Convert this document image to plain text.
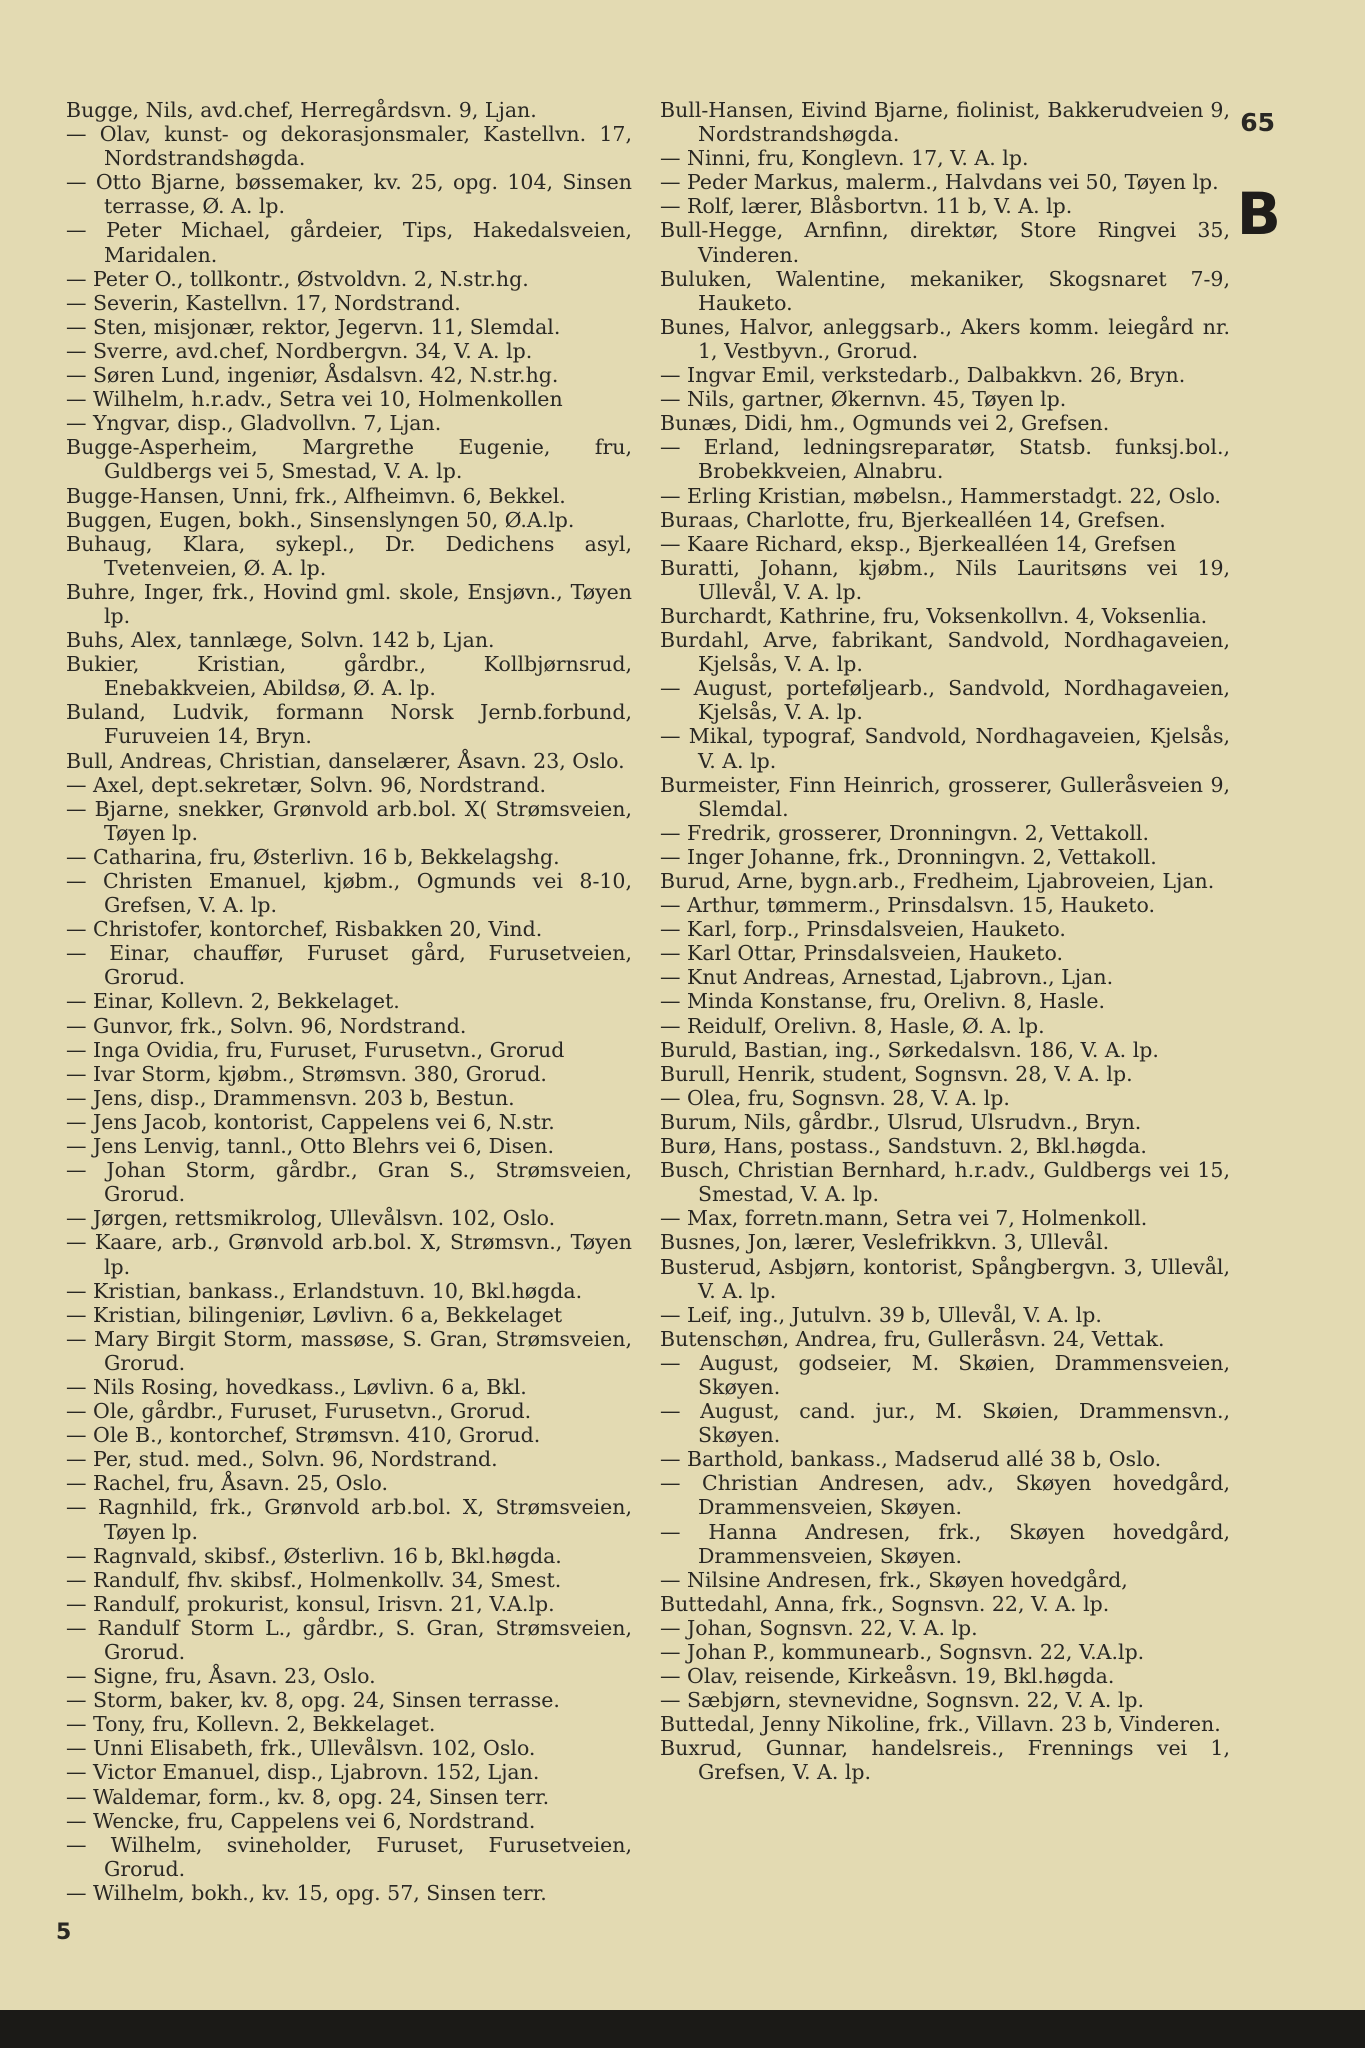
65
B

Bugge, Nils, avd.chef, Herregårdsvn. 9, Ljan.

— Olav, kunst- og dekorasjonsmaler, Kastellvn. 17, Nordstrandshøgda.

— Otto Bjarne, bøssemaker, kv. 25, opg. 104, Sinsen terrasse, Ø. A. lp.

— Peter Michael, gårdeier, Tips, Hakedalsveien, Maridalen.

— Peter O., tollkontr., Østvoldvn. 2, N.str.hg.

— Severin, Kastellvn. 17, Nordstrand.

— Sten, misjonær, rektor, Jegervn. 11, Slemdal.

— Sverre, avd.chef, Nordbergvn. 34, V. A. lp.

— Søren Lund, ingeniør, Åsdalsvn. 42, N.str.hg.

— Wilhelm, h.r.adv., Setra vei 10, Holmenkollen

— Yngvar, disp., Gladvollvn. 7, Ljan.

Bugge-Asperheim, Margrethe Eugenie, fru, Guldbergs vei 5, Smestad, V. A. lp.

Bugge-Hansen, Unni, frk., Alfheimvn. 6, Bekkel.

Buggen, Eugen, bokh., Sinsenslyngen 50, Ø.A.lp.

Buhaug, Klara, sykepl., Dr. Dedichens asyl, Tvetenveien, Ø. A. lp.

Buhre, Inger, frk., Hovind gml. skole, Ensjøvn., Tøyen lp.

Buhs, Alex, tannlæge, Solvn. 142 b, Ljan.

Bukier, Kristian, gårdbr., Kollbjørnsrud, Enebakkveien, Abildsø, Ø. A. lp.

Buland, Ludvik, formann Norsk Jernb.forbund, Furuveien 14, Bryn.

Bull, Andreas, Christian, danselærer, Åsavn. 23, Oslo.

— Axel, dept.sekretær, Solvn. 96, Nordstrand.

— Bjarne, snekker, Grønvold arb.bol. X( Strømsveien, Tøyen lp.

— Catharina, fru, Østerlivn. 16 b, Bekkelagshg.

— Christen Emanuel, kjøbm., Ogmunds vei 8-10, Grefsen, V. A. lp.

— Christofer, kontorchef, Risbakken 20, Vind.

— Einar, chauffør, Furuset gård, Furusetveien, Grorud.

— Einar, Kollevn. 2, Bekkelaget.

— Gunvor, frk., Solvn. 96, Nordstrand.

— Inga Ovidia, fru, Furuset, Furusetvn., Grorud

— Ivar Storm, kjøbm., Strømsvn. 380, Grorud.

— Jens, disp., Drammensvn. 203 b, Bestun.

— Jens Jacob, kontorist, Cappelens vei 6, N.str.

— Jens Lenvig, tannl., Otto Blehrs vei 6, Disen.

— Johan Storm, gårdbr., Gran S., Strømsveien, Grorud.

— Jørgen, rettsmikrolog, Ullevålsvn. 102, Oslo.

— Kaare, arb., Grønvold arb.bol. X, Strømsvn., Tøyen lp.

— Kristian, bankass., Erlandstuvn. 10, Bkl.høgda.

— Kristian, bilingeniør, Løvlivn. 6 a, Bekkelaget

— Mary Birgit Storm, massøse, S. Gran, Strømsveien, Grorud.

— Nils Rosing, hovedkass., Løvlivn. 6 a, Bkl.

— Ole, gårdbr., Furuset, Furusetvn., Grorud.

— Ole B., kontorchef, Strømsvn. 410, Grorud.

— Per, stud. med., Solvn. 96, Nordstrand.

— Rachel, fru, Åsavn. 25, Oslo.

— Ragnhild, frk., Grønvold arb.bol. X, Strømsveien, Tøyen lp.

— Ragnvald, skibsf., Østerlivn. 16 b, Bkl.høgda.

— Randulf, fhv. skibsf., Holmenkollv. 34, Smest.

— Randulf, prokurist, konsul, Irisvn. 21, V.A.lp.

— Randulf Storm L., gårdbr., S. Gran, Strømsveien, Grorud.

— Signe, fru, Åsavn. 23, Oslo.

— Storm, baker, kv. 8, opg. 24, Sinsen terrasse.

— Tony, fru, Kollevn. 2, Bekkelaget.

— Unni Elisabeth, frk., Ullevålsvn. 102, Oslo.

— Victor Emanuel, disp., Ljabrovn. 152, Ljan.

— Waldemar, form., kv. 8, opg. 24, Sinsen terr.

— Wencke, fru, Cappelens vei 6, Nordstrand.

— Wilhelm, svineholder, Furuset, Furusetveien, Grorud.

— Wilhelm, bokh., kv. 15, opg. 57, Sinsen terr.

Bull-Hansen, Eivind Bjarne, fiolinist, Bakkerudveien 9, Nordstrandshøgda.

— Ninni, fru, Konglevn. 17, V. A. lp.

— Peder Markus, malerm., Halvdans vei 50, Tøyen lp.

— Rolf, lærer, Blåsbortvn. 11 b, V. A. lp.

Bull-Hegge, Arnfinn, direktør, Store Ringvei 35, Vinderen.

Buluken, Walentine, mekaniker, Skogsnaret 7-9, Hauketo.

Bunes, Halvor, anleggsarb., Akers komm. leiegård nr. 1, Vestbyvn., Grorud.

— Ingvar Emil, verkstedarb., Dalbakkvn. 26, Bryn.

— Nils, gartner, Økernvn. 45, Tøyen lp.

Bunæs, Didi, hm., Ogmunds vei 2, Grefsen.

— Erland, ledningsreparatør, Statsb. funksj.bol., Brobekkveien, Alnabru.

— Erling Kristian, møbelsn., Hammerstadgt. 22, Oslo.

Buraas, Charlotte, fru, Bjerkealléen 14, Grefsen.

— Kaare Richard, eksp., Bjerkealléen 14, Grefsen

Buratti, Johann, kjøbm., Nils Lauritsøns vei 19, Ullevål, V. A. lp.

Burchardt, Kathrine, fru, Voksenkollvn. 4, Voksenlia.

Burdahl, Arve, fabrikant, Sandvold, Nordhagaveien, Kjelsås, V. A. lp.

— August, porteføljearb., Sandvold, Nordhagaveien, Kjelsås, V. A. lp.

— Mikal, typograf, Sandvold, Nordhagaveien, Kjelsås, V. A. lp.

Burmeister, Finn Heinrich, grosserer, Gulleråsveien 9, Slemdal.

— Fredrik, grosserer, Dronningvn. 2, Vettakoll.

— Inger Johanne, frk., Dronningvn. 2, Vettakoll.

Burud, Arne, bygn.arb., Fredheim, Ljabroveien, Ljan.

— Arthur, tømmerm., Prinsdalsvn. 15, Hauketo.

— Karl, forp., Prinsdalsveien, Hauketo.

— Karl Ottar, Prinsdalsveien, Hauketo.

— Knut Andreas, Arnestad, Ljabrovn., Ljan.

— Minda Konstanse, fru, Orelivn. 8, Hasle.

— Reidulf, Orelivn. 8, Hasle, Ø. A. lp.

Buruld, Bastian, ing., Sørkedalsvn. 186, V. A. lp.

Burull, Henrik, student, Sognsvn. 28, V. A. lp.

— Olea, fru, Sognsvn. 28, V. A. lp.

Burum, Nils, gårdbr., Ulsrud, Ulsrudvn., Bryn.

Burø, Hans, postass., Sandstuvn. 2, Bkl.høgda.

Busch, Christian Bernhard, h.r.adv., Guldbergs vei 15, Smestad, V. A. lp.

— Max, forretn.mann, Setra vei 7, Holmenkoll.

Busnes, Jon, lærer, Veslefrikkvn. 3, Ullevål.

Busterud, Asbjørn, kontorist, Spångbergvn. 3, Ullevål, V. A. lp.

— Leif, ing., Jutulvn. 39 b, Ullevål, V. A. lp.

Butenschøn, Andrea, fru, Gulleråsvn. 24, Vettak.

— August, godseier, M. Skøien, Drammensveien, Skøyen.

— August, cand. jur., M. Skøien, Drammensvn., Skøyen.

— Barthold, bankass., Madserud allé 38 b, Oslo.

— Christian Andresen, adv., Skøyen hovedgård, Drammensveien, Skøyen.

— Hanna Andresen, frk., Skøyen hovedgård, Drammensveien, Skøyen.

— Nilsine Andresen, frk., Skøyen hovedgård,

Buttedahl, Anna, frk., Sognsvn. 22, V. A. lp.

— Johan, Sognsvn. 22, V. A. lp.

— Johan P., kommunearb., Sognsvn. 22, V.A.lp.

— Olav, reisende, Kirkeåsvn. 19, Bkl.høgda.

— Sæbjørn, stevnevidne, Sognsvn. 22, V. A. lp.

Buttedal, Jenny Nikoline, frk., Villavn. 23 b, Vinderen.

Buxrud, Gunnar, handelsreis., Frennings vei 1, Grefsen, V. A. lp.

5
